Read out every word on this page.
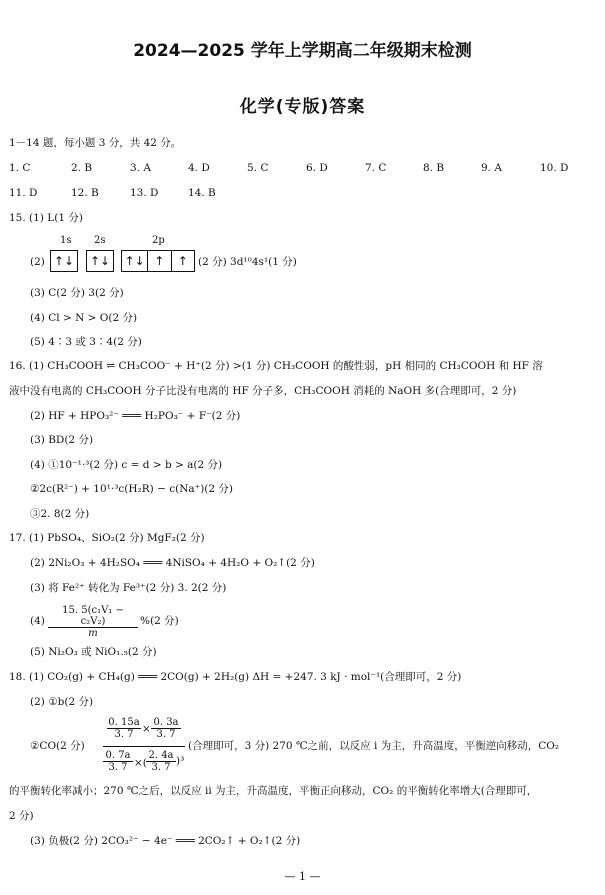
2024—2025 学年上学期高二年级期末检测
化学(专版)答案
1－14 题，每小题 3 分，共 42 分。
1. C	2. B	3. A	4. D	5. C	6. D	7. C	8. B	9. A	10. D
11. D	12. B	13. D	14. B
15. (1) L(1 分)
1s 2s	2p
(2) ↑↓ ↑↓ ↑↓ ↑	↑ (2 分) 3d¹⁰4s¹(1 分)
(3) C(2 分) 3(2 分)
(4) Cl > N > O(2 分)
(5) 4∶3 或 3∶4(2 分)
16. (1) CH₃COOH ⇌ CH₃COO⁻ + H⁺(2 分) >(1 分) CH₃COOH 的酸性弱，pH 相同的 CH₃COOH 和 HF 溶
液中没有电离的 CH₃COOH 分子比没有电离的 HF 分子多，CH₃COOH 消耗的 NaOH 多(合理即可，2 分)
(2) HF + HPO₃²⁻ ═══ H₂PO₃⁻ + F⁻(2 分)
(3) BD(2 分)
(4) ①10⁻¹·³(2 分) c = d > b > a(2 分)
②2c(R²⁻) + 10¹·³c(H₂R) − c(Na⁺)(2 分)
③2. 8(2 分)
17. (1) PbSO₄、SiO₂(2 分) MgF₂(2 分)
(2) 2Ni₂O₃ + 4H₂SO₄ ═══ 4NiSO₄ + 4H₂O + O₂↑(2 分)
(3) 将 Fe²⁺ 转化为 Fe³⁺(2 分) 3. 2(2 分)
$(4) \frac{\text{15. 5(c₁V₁ − c₂V₂)}}{m} \%(2$ 分)
(5) Ni₂O₃ 或 NiO₁.₅(2 分)
18. (1) CO₂(g) + CH₄(g) ═══ 2CO(g) + 2H₂(g) ΔH = +247. 3 kJ · mol⁻¹(合理即可，2 分)
(2) ①b(2 分)
②CO(2 分)
$\frac{0. 15a}{3. 7} \times \frac{0. 3a}{3. 7}$
$\frac{0. 7a}{3. 7}$ ×( $\frac{2. 4a}{3. 7} )^3$
(合理即可，3 分) 270 ℃之前，以反应 ⅰ 为主，升高温度，平衡逆向移动，CO₂
的平衡转化率减小；270 ℃之后，以反应 ⅱ 为主，升高温度，平衡正向移动，CO₂ 的平衡转化率增大(合理即可，
2 分)
(3) 负极(2 分) 2CO₃²⁻ − 4e⁻ ═══ 2CO₂↑ + O₂↑(2 分)
— 1 —
